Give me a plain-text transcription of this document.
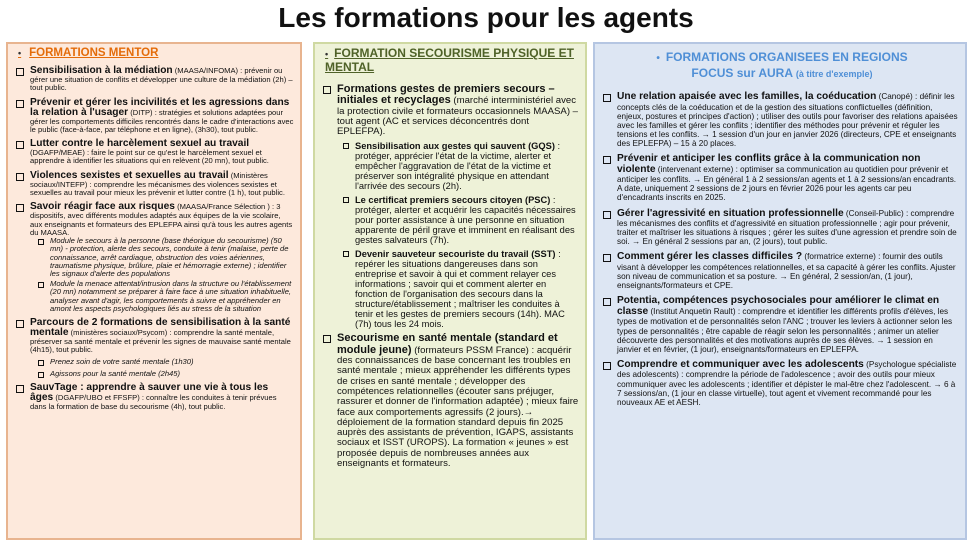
Les formations pour les agents
• FORMATIONS MENTOR
Sensibilisation à la médiation (MAASA/INFOMA) : prévenir ou gérer une situation de conflits et développer une culture de la médiation (2h) – tout public.
Prévenir et gérer les incivilités et les agressions dans la relation à l'usager (DITP) : stratégies et solutions adaptées pour gérer les comportements difficiles rencontrés dans le cadre d'interactions avec le public (face-à-face, par téléphone et en ligne), (3h30), tout public.
Lutter contre le harcèlement sexuel au travail (DGAFP/MEAE) : faire le point sur ce qu'est le harcèlement sexuel et apprendre à identifier les situations qui en relèvent (20 mn), tout public.
Violences sexistes et sexuelles au travail (Ministères sociaux/INTEFP) : comprendre les mécanismes des violences sexistes et sexuelles au travail pour mieux les prévenir et lutter contre (1 h), tout public.
Savoir réagir face aux risques (MAASA/France Sélection ) : 3 dispositifs, avec différents modules adaptés aux équipes de la vie scolaire, aux enseignants et formateurs des EPLEFPA ainsi qu'à tous les autres agents du MAASA.
Module le secours à la personne (base théorique du secourisme) (50 mn) - protection, alerte des secours, conduite à tenir (malaise, perte de connaissance, arrêt cardiaque, obstruction des voies aériennes, traumatisme physique, brûlure, plaie et hémorragie externe) ; identifier les signaux d'alerte des populations
Module la menace attentat/intrusion dans la structure ou l'établissement (20 mn) notamment se préparer à faire face à une situation inhabituelle, analyser avant d'agir, les comportements à suivre et appréhender en amont les aspects psychologiques liés au stress de la situation
Parcours de 2 formations de sensibilisation à la santé mentale (ministères sociaux/Psycom) : comprendre la santé mentale, préserver sa santé mentale et prévenir les signes de mauvaise santé mentale (4h15), tout public.
Prenez soin de votre santé mentale (1h30)
Agissons pour la santé mentale (2h45)
SauvTage : apprendre à sauver une vie à tous les âges (DGAFP/UBO et FFSFP) : connaître les conduites à tenir prévues dans la formation de base du secourisme (4h), tout public.
• FORMATION SECOURISME PHYSIQUE ET MENTAL
Formations gestes de premiers secours – initiales et recyclages (marché interministériel avec la protection civile et formateurs occasionnels MAASA) – tout agent (AC et services déconcentrés dont EPLEFPA).
Sensibilisation aux gestes qui sauvent (GQS) : protéger, apprécier l'état de la victime, alerter et empêcher l'aggravation de l'état de la victime et préserver son intégralité physique en attendant l'arrivée des secours (2h).
Le certificat premiers secours citoyen (PSC) : protéger, alerter et acquérir les capacités nécessaires pour porter assistance à une personne en situation apparente de péril grave et imminent en réalisant des gestes salvateurs (7h).
Devenir sauveteur secouriste du travail (SST) : repérer les situations dangereuses dans son entreprise et savoir à qui et comment relayer ces informations ; savoir qui et comment alerter en fonction de l'organisation des secours dans la structure/établissement ; maîtriser les conduites à tenir et les gestes de premiers secours (14h). MAC (7h) tous les 24 mois.
Secourisme en santé mentale (standard et module jeune) (formateurs PSSM France) : acquérir des connaissances de base concernant les troubles en santé mentale ; mieux appréhender les différents types de crises en santé mentale ; développer des compétences relationnelles (écouter sans préjuger, rassurer et donner de l'information adaptée) ; mieux faire face aux comportements agressifs (2 jours).→ déploiement de la formation standard depuis fin 2025 auprès des assistants de prévention, IGAPS, assistants sociaux et ISST (UROPS). La formation « jeunes » est proposée depuis de nombreuses années aux enseignants et formateurs.
• FORMATIONS ORGANISEES EN REGIONS
FOCUS sur AURA (à titre d'exemple)
Une relation apaisée avec les familles, la coéducation (Canopé) : définir les concepts clés de la coéducation et de la gestion des situations conflictuelles (définition, enjeux, postures et principes d'action) ; utiliser des outils pour favoriser des relations apaisées avec les familles et gérer les conflits ; identifier des méthodes pour prévenir et réguler les tensions et les conflits. → 1 session d'un jour en janvier 2026 (directeurs, CPE et enseignants des EPLEFPA) – 15 à 20 places.
Prévenir et anticiper les conflits grâce à la communication non violente (intervenant externe) : optimiser sa communication au quotidien pour prévenir et anticiper les conflits. → En général 1 à 2 sessions/an agents et 1 à 2 sessions/an encadrants. A date, uniquement 2 sessions de 2 jours en février 2026 pour les agents car peu d'encadrants inscrits en 2025.
Gérer l'agressivité en situation professionnelle (Conseil-Public) : comprendre les mécanismes des conflits et d'agressivité en situation professionnelle ; agir pour prévenir, traiter et maîtriser les situations à risques ; gérer les suites d'une agression et prendre soin de soi. → En général 2 sessions par an, (2 jours), tout public.
Comment gérer les classes difficiles ? (formatrice externe) : fournir des outils visant à développer les compétences relationnelles, et sa capacité à gérer les conflits. Ajuster son niveau de communication et sa posture. → En général, 2 session/an, (1 jour), enseignants/formateurs et CPE.
Potentia, compétences psychosociales pour améliorer le climat en classe (Institut Anquetin Rault) : comprendre et identifier les différents profils d'élèves, les types de motivation et de personnalités selon l'ANC ; trouver les leviers à actionner selon les types de personnalités ; être capable de réagir selon les personnalités ; animer un atelier découverte des personnalités et des motivations auprès de ses élèves. → 1 session en janvier et en février, (1 jour), enseignants/formateurs en EPLEFPA.
Comprendre et communiquer avec les adolescents (Psychologue spécialiste des adolescents) : comprendre la période de l'adolescence ; avoir des outils pour mieux communiquer avec les adolescents ; identifier et dépister le mal-être chez l'adolescent. → 6 à 7 sessions/an, (1 jour en classe virtuelle), tout agent et vivement recommandé pour les nouveaux AE et AESH.
